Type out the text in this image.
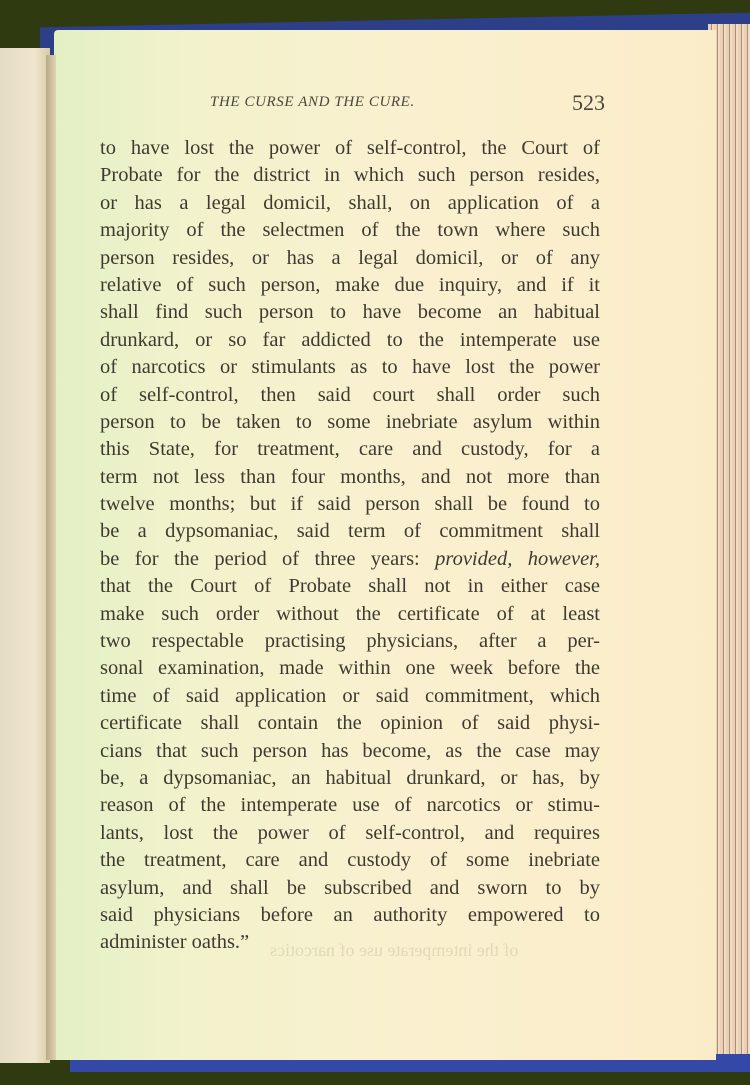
THE CURSE AND THE CURE.	523
to have lost the power of self-control, the Court of
Probate for the district in which such person resides,
or has a legal domicil, shall, on application of a
majority of the selectmen of the town where such
person resides, or has a legal domicil, or of any
relative of such person, make due inquiry, and if it
shall find such person to have become an habitual
drunkard, or so far addicted to the intemperate use
of narcotics or stimulants as to have lost the power
of self-control, then said court shall order such
person to be taken to some inebriate asylum within
this State, for treatment, care and custody, for a
term not less than four months, and not more than
twelve months; but if said person shall be found to
be a dypsomaniac, said term of commitment shall
be for the period of three years: provided, however,
that the Court of Probate shall not in either case
make such order without the certificate of at least
two respectable practising physicians, after a per-
sonal examination, made within one week before the
time of said application or said commitment, which
certificate shall contain the opinion of said physi-
cians that such person has become, as the case may
be, a dypsomaniac, an habitual drunkard, or has, by
reason of the intemperate use of narcotics or stimu-
lants, lost the power of self-control, and requires
the treatment, care and custody of some inebriate
asylum, and shall be subscribed and sworn to by
said physicians before an authority empowered to
administer oaths.”	of the intemperate use of narcotics
